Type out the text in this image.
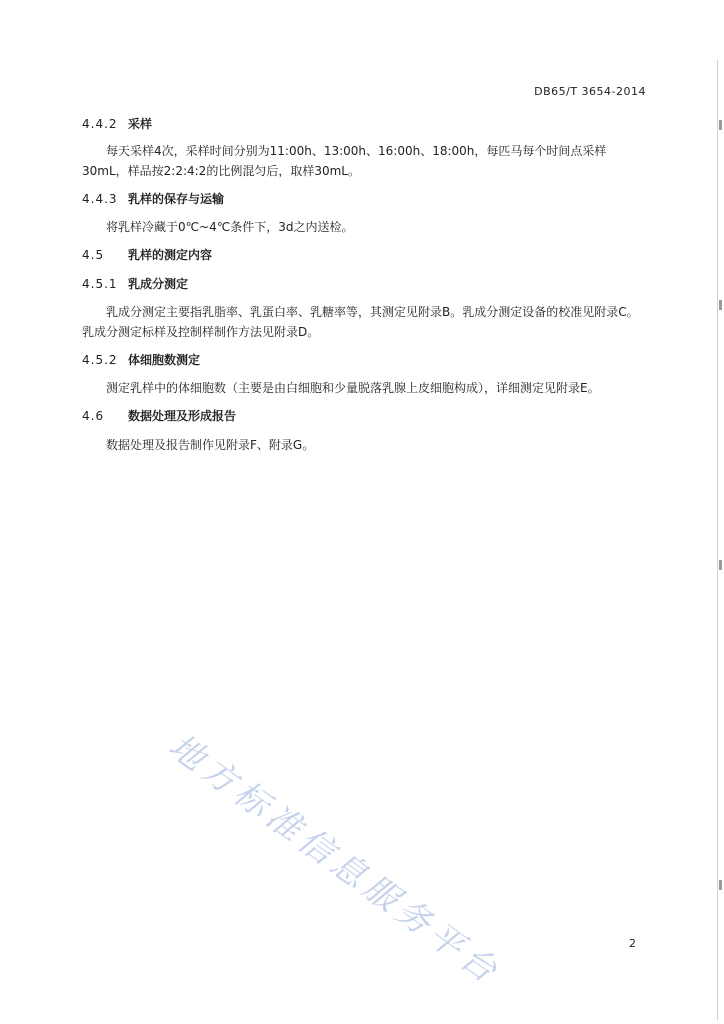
DB65/T 3654-2014
4.4.2 采样
每天采样4次，采样时间分别为11:00h、13:00h、16:00h、18:00h，每匹马每个时间点采样30mL，样品按2:2:4:2的比例混匀后，取样30mL。
4.4.3 乳样的保存与运输
将乳样冷藏于0℃~4℃条件下，3d之内送检。
4.5 乳样的测定内容
4.5.1 乳成分测定
乳成分测定主要指乳脂率、乳蛋白率、乳糖率等，其测定见附录B。乳成分测定设备的校准见附录C。乳成分测定标样及控制样制作方法见附录D。
4.5.2 体细胞数测定
测定乳样中的体细胞数（主要是由白细胞和少量脱落乳腺上皮细胞构成），详细测定见附录E。
4.6 数据处理及形成报告
数据处理及报告制作见附录F、附录G。
地方标准信息服务平台	2
